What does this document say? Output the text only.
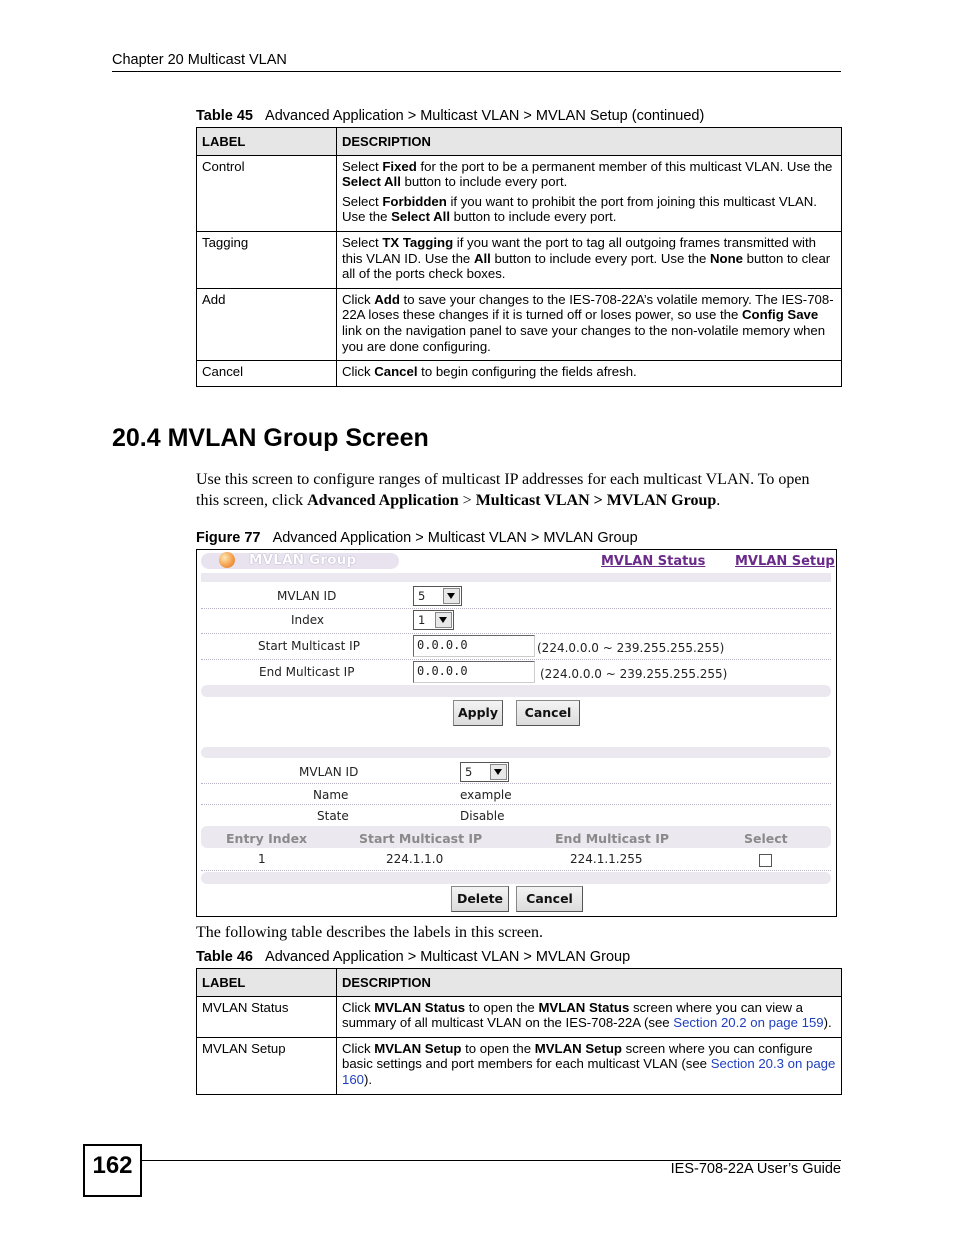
Chapter 20 Multicast VLAN
Table 45 Advanced Application > Multicast VLAN > MVLAN Setup (continued)
LABEL	DESCRIPTION
Control	Select Fixed for the port to be a permanent member of this multicast VLAN. Use the Select All button to include every port.

Select Forbidden if you want to prohibit the port from joining this multicast VLAN. Use the Select All button to include every port.

Tagging	Select TX Tagging if you want the port to tag all outgoing frames transmitted with this VLAN ID. Use the All button to include every port. Use the None button to clear all of the ports check boxes.

Add	Click Add to save your changes to the IES-708-22A’s volatile memory. The IES-708-22A loses these changes if it is turned off or loses power, so use the Config Save link on the navigation panel to save your changes to the non-volatile memory when you are done configuring.

Cancel	Click Cancel to begin configuring the fields afresh.

20.4 MVLAN Group Screen
Use this screen to configure ranges of multicast IP addresses for each multicast VLAN. To open this screen, click Advanced Application > Multicast VLAN > MVLAN Group.
Figure 77 Advanced Application > Multicast VLAN > MVLAN Group
MVLAN Group	MVLAN Status MVLAN Setup
MVLAN ID	5
Index	1
Start Multicast IP	0.0.0.0	(224.0.0.0 ~ 239.255.255.255)
End Multicast IP	0.0.0.0	(224.0.0.0 ~ 239.255.255.255)
Apply	Cancel
MVLAN ID	5
Name	example
State	Disable
Entry Index	Start Multicast IP	End Multicast IP	Select
1	224.1.1.0	224.1.1.255
Delete	Cancel
The following table describes the labels in this screen.
Table 46 Advanced Application > Multicast VLAN > MVLAN Group
LABEL	DESCRIPTION
MVLAN Status	Click MVLAN Status to open the MVLAN Status screen where you can view a summary of all multicast VLAN on the IES-708-22A (see Section 20.2 on page 159).

MVLAN Setup	Click MVLAN Setup to open the MVLAN Setup screen where you can configure basic settings and port members for each multicast VLAN (see Section 20.3 on page 160).

162	IES-708-22A User’s Guide
